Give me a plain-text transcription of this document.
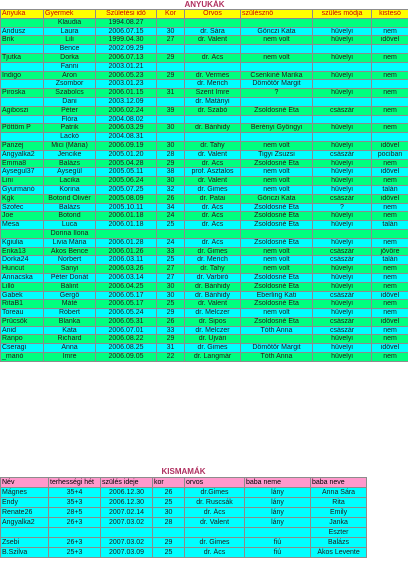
ANYUKÁK							
Anyuka	Gyermek	Születési idő	Kor	Orvos	szülésznő	szülés módja	kistesó
	Klaudia	1994.08.27					
Andusz	Laura	2006.07.15	30	dr. Sára	Gönczi Kata	hüvelyi	nem
Brik	Lili	1999.04.30	27	dr. Valent	nem volt	hüvelyi	idővel
	Bence	2002.09.29					
Tjutka	Dorka	2006.07.13	29	dr. Ács	nem volt	hüvelyi	nem
	Fanni	2003.01.21					
Indigo	Áron	2006.05.23	29	dr. Vermes	Csenkiné Marika	hüvelyi	nem
	Zsombor	2003.01.23		dr. Merich	Dömötör Margit		
Piroska	Szabolcs	2006.01.15	31	Szent Imre	?	hüvelyi	nem
	Dani	2003.12.09		dr. Matányi			
Ágiboszi	Péter	2006.02.24	39	dr. Szabó	Zsoldosné Eta	császár	nem
	Flóra	2004.08.02					
Pöttöm P	Patrik	2006.03.29	30	dr. Bánhidy	Berényi Gyöngyi	hüvelyi	nem
	Lackó	2004.08.31					
Panzej	Mici (Mária)	2006.09.19	30	dr. Tahy	nem volt	hüvelyi	idővel
Angyalka2	Jencike	2005.01.20	28	dr. Valent	Tigyi Zsuzsi	császár	pociban
Emma8	Balázs	2005.04.28	29	dr. Ács	Zsoldosné Eta	hüvelyi	nem
Aysegul37	Aysegül	2005.05.11	38	prof. Asztalos	nem volt	hüvelyi	idővel
Lini	Lacika	2005.06.24	30	dr. Valent	nem volt	hüvelyi	nem
Gyurmanó	Korina	2005.07.25	32	dr. Gimes	nem volt	hüvelyi	talán
Kgk	Botond Olivér	2005.08.09	26	dr. Patai	Gönczi Kata	császár	idővel
Szofec	Balázs	2005.10.11	34	dr. Ács	Zsoldosné Eta	?	nem
Joe	Botond	2006.01.18	24	dr. Ács	Zsoldosné Eta	hüvelyi	nem
Mesa	Luca	2006.01.18	25	dr. Ács	Zsoldosné Eta	hüvelyi	talán
	Dorina Ilona						
Kgiulia	Livia Mária	2006.01.28	24	dr. Ács	Zsoldosné Eta	hüvelyi	nem
Erika13	Ákos Bence	2006.01.26	33	dr. Gimes	nem volt	császár	jövőre
Dorka24	Norbert	2006.03.11	25	dr. Merich	nem volt	császár	talán
Huncut	Sanyi	2006.03.26	27	dr. Tahy	nem volt	hüvelyi	nem
Annacska	Péter Donát	2006.03.14	27	dr. Varbiró	Zsoldosné Eta	hüvelyi	nem
Lilló	Bálint	2006.04.25	30	dr. Bánhidy	Zsoldosné Eta	hüvelyi	nem
Gabek	Gergő	2006.05.17	30	dr. Bánhidy	Éberling Kati	császár	idővel
RitaB1	Máté	2006.05.17	25	dr. Valent	Zsoldosné Eta	hüvelyi	nem
Toreau	Róbert	2006.05.24	29	dr. Melczer	nem volt	hüvelyi	nem
Prücsök	Blanka	2006.05.31	26	dr. Sipos	Zsoldosné Eta	császár	idővel
Anid	Kata	2006.07.01	33	dr. Melczer	Tóth Anna	császár	nem
Ranpo	Richard	2006.08.22	29	dr. Újvári		hüvelyi	nem
Cseragi	Anna	2006.08.25	31	dr. Gimes	Dömötör Margit	hüvelyi	idővel
_manó	Imre	2006.09.05	22	dr. Langmár	Tóth Anna	hüvelyi	nem
KISMAMÁK						
Név	terhességi hét	szülés ideje	kor	orvos	baba neme	baba neve
Mágnes	35+4	2006.12.30	26	dr.Gimes	lány	Anna Sára
Endy	35+3	2006.12.30	25	dr. Ruscsák	lány	Rita
Renate26	28+5	2007.02.14	30	dr. Ács	lány	Emily
Angyalka2	26+3	2007.03.02	28	dr. Valent	lány	Janka
						Eszter
Zsebi	26+3	2007.03.02	29	dr. Gimes	fiú	Balázs
B.Szilva	25+3	2007.03.09	25	dr. Ács	fiú	Ákos Levente
